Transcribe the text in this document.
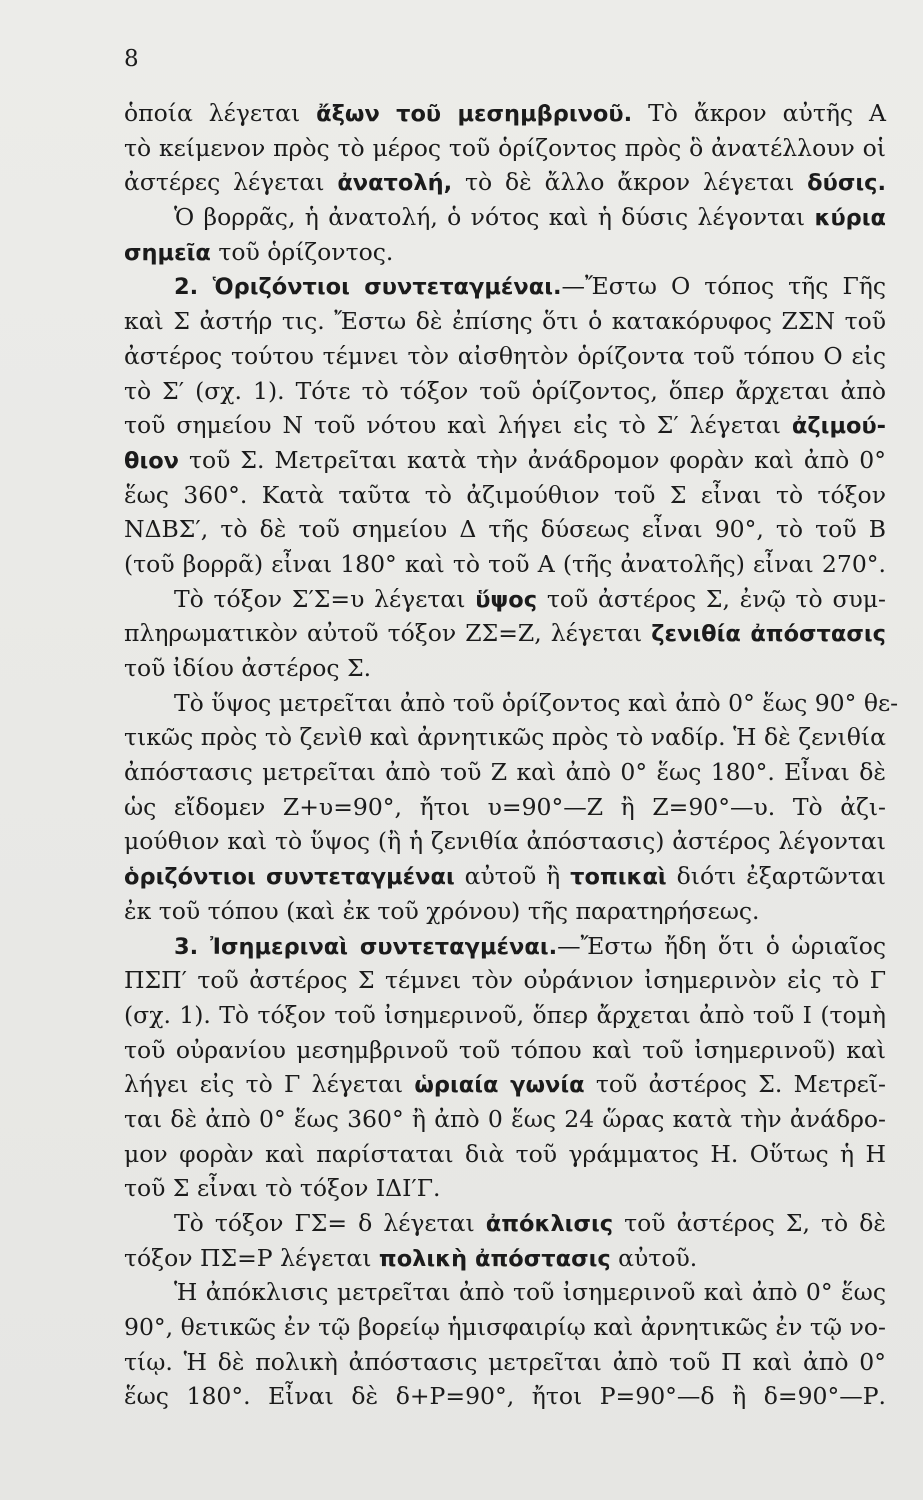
8
ὁποία λέγεται ἄξων τοῦ μεσημβρινοῦ. Τὸ ἄκρον αὐτῆς Α
τὸ κείμενον πρὸς τὸ μέρος τοῦ ὁρίζοντος πρὸς ὃ ἀνατέλλουν οἱ
ἀστέρες λέγεται ἀνατολή, τὸ δὲ ἄλλο ἄκρον λέγεται δύσις.
Ὁ βορρᾶς, ἡ ἀνατολή, ὁ νότος καὶ ἡ δύσις λέγονται κύρια
σημεῖα τοῦ ὁρίζοντος.
2. Ὁριζόντιοι συντεταγμέναι.—Ἔστω Ο τόπος τῆς Γῆς
καὶ Σ ἀστήρ τις. Ἔστω δὲ ἐπίσης ὅτι ὁ κατακόρυφος ΖΣΝ τοῦ
ἀστέρος τούτου τέμνει τὸν αἰσθητὸν ὁρίζοντα τοῦ τόπου Ο εἰς
τὸ Σ′ (σχ. 1). Τότε τὸ τόξον τοῦ ὁρίζοντος, ὅπερ ἄρχεται ἀπὸ
τοῦ σημείου Ν τοῦ νότου καὶ λήγει εἰς τὸ Σ′ λέγεται ἀζιμού-
θιον τοῦ Σ. Μετρεῖται κατὰ τὴν ἀνάδρομον φορὰν καὶ ἀπὸ 0°
ἕως 360°. Κατὰ ταῦτα τὸ ἀζιμούθιον τοῦ Σ εἶναι τὸ τόξον
ΝΔΒΣ′, τὸ δὲ τοῦ σημείου Δ τῆς δύσεως εἶναι 90°, τὸ τοῦ Β
(τοῦ βορρᾶ) εἶναι 180° καὶ τὸ τοῦ Α (τῆς ἀνατολῆς) εἶναι 270°.
Τὸ τόξον Σ′Σ=υ λέγεται ὕψος τοῦ ἀστέρος Σ, ἐνῷ τὸ συμ-
πληρωματικὸν αὐτοῦ τόξον ΖΣ=Ζ, λέγεται ζενιθία ἀπόστασις
τοῦ ἰδίου ἀστέρος Σ.
Τὸ ὕψος μετρεῖται ἀπὸ τοῦ ὁρίζοντος καὶ ἀπὸ 0° ἕως 90° θε-
τικῶς πρὸς τὸ ζενὶθ καὶ ἀρνητικῶς πρὸς τὸ ναδίρ. Ἡ δὲ ζενιθία
ἀπόστασις μετρεῖται ἀπὸ τοῦ Ζ καὶ ἀπὸ 0° ἕως 180°. Εἶναι δὲ
ὡς εἴδομεν Ζ+υ=90°, ἤτοι υ=90°—Ζ ἢ Ζ=90°—υ. Τὸ ἀζι-
μούθιον καὶ τὸ ὕψος (ἢ ἡ ζενιθία ἀπόστασις) ἀστέρος λέγονται
ὁριζόντιοι συντεταγμέναι αὐτοῦ ἢ τοπικαὶ διότι ἐξαρτῶνται
ἐκ τοῦ τόπου (καὶ ἐκ τοῦ χρόνου) τῆς παρατηρήσεως.
3. Ἰσημεριναὶ συντεταγμέναι.—Ἔστω ἤδη ὅτι ὁ ὡριαῖος
ΠΣΠ′ τοῦ ἀστέρος Σ τέμνει τὸν οὐράνιον ἰσημερινὸν εἰς τὸ Γ
(σχ. 1). Τὸ τόξον τοῦ ἰσημερινοῦ, ὅπερ ἄρχεται ἀπὸ τοῦ Ι (τομὴ
τοῦ οὐρανίου μεσημβρινοῦ τοῦ τόπου καὶ τοῦ ἰσημερινοῦ) καὶ
λήγει εἰς τὸ Γ λέγεται ὡριαία γωνία τοῦ ἀστέρος Σ. Μετρεῖ-
ται δὲ ἀπὸ 0° ἕως 360° ἢ ἀπὸ 0 ἕως 24 ὥρας κατὰ τὴν ἀνάδρο-
μον φορὰν καὶ παρίσταται διὰ τοῦ γράμματος Η. Οὕτως ἡ Η
τοῦ Σ εἶναι τὸ τόξον ΙΔΙ′Γ.
Τὸ τόξον ΓΣ= δ λέγεται ἀπόκλισις τοῦ ἀστέρος Σ, τὸ δὲ
τόξον ΠΣ=Ρ λέγεται πολικὴ ἀπόστασις αὐτοῦ.
Ἡ ἀπόκλισις μετρεῖται ἀπὸ τοῦ ἰσημερινοῦ καὶ ἀπὸ 0° ἕως
90°, θετικῶς ἐν τῷ βορείῳ ἡμισφαιρίῳ καὶ ἀρνητικῶς ἐν τῷ νο-
τίῳ. Ἡ δὲ πολικὴ ἀπόστασις μετρεῖται ἀπὸ τοῦ Π καὶ ἀπὸ 0°
ἕως 180°. Εἶναι δὲ δ+Ρ=90°, ἤτοι Ρ=90°—δ ἢ δ=90°—Ρ.
